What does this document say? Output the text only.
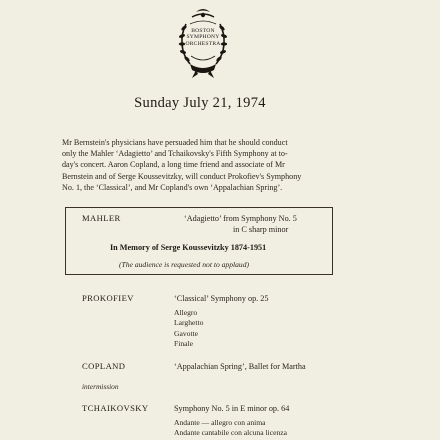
BOSTON
SYMPHONY
ORCHESTRA
Sunday July 21, 1974
Mr Bernstein's physicians have persuaded him that he should conduct
only the Mahler ‘Adagietto’ and Tchaikovsky's Fifth Symphony at to-
day's concert. Aaron Copland, a long time friend and associate of Mr
Bernstein and of Serge Koussevitzky, will conduct Prokofiev's Symphony
No. 1, the ‘Classical’, and Mr Copland's own ‘Appalachian Spring’.
MAHLER	‘Adagietto’ from Symphony No. 5
in C sharp minor
In Memory of Serge Koussevitzky 1874-1951
(The audience is requested not to applaud)
PROKOFIEV	‘Classical’ Symphony op. 25
Allegro
Larghetto
Gavotte
Finale
COPLAND	‘Appalachian Spring’, Ballet for Martha
intermission
TCHAIKOVSKY	Symphony No. 5 in E minor op. 64
Andante — allegro con anima
Andante cantabile con alcuna licenza
